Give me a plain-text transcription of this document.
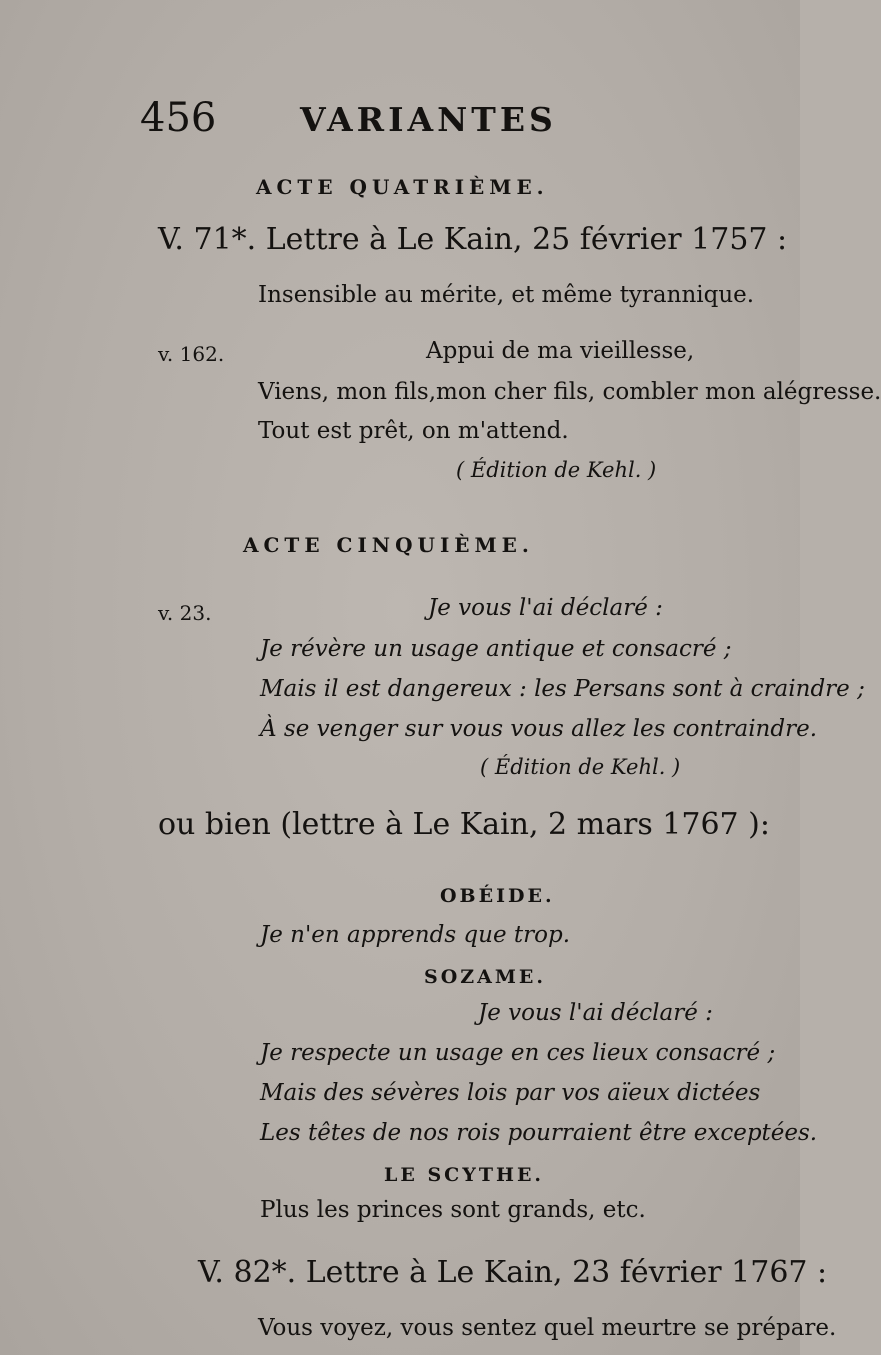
456	VARIANTES
ACTE QUATRIÈME.
V. 71*. Lettre à Le Kain, 25 février 1757 :
Insensible au mérite, et même tyrannique.
v. 162.	Appui de ma vieillesse,
Viens, mon fils,mon cher fils, combler mon alégresse.
Tout est prêt, on m'attend.
( Édition de Kehl. )
ACTE CINQUIÈME.
v. 23.	Je vous l'ai déclaré :
Je révère un usage antique et consacré ;
Mais il est dangereux : les Persans sont à craindre ;
À se venger sur vous vous allez les contraindre.
( Édition de Kehl. )
ou bien (lettre à Le Kain, 2 mars 1767 ):
OBÉIDE.
Je n'en apprends que trop.
SOZAME.
Je vous l'ai déclaré :
Je respecte un usage en ces lieux consacré ;
Mais des sévères lois par vos aïeux dictées
Les têtes de nos rois pourraient être exceptées.
LE SCYTHE.
Plus les princes sont grands, etc.
V. 82*. Lettre à Le Kain, 23 février 1767 :
Vous voyez, vous sentez quel meurtre se prépare.
